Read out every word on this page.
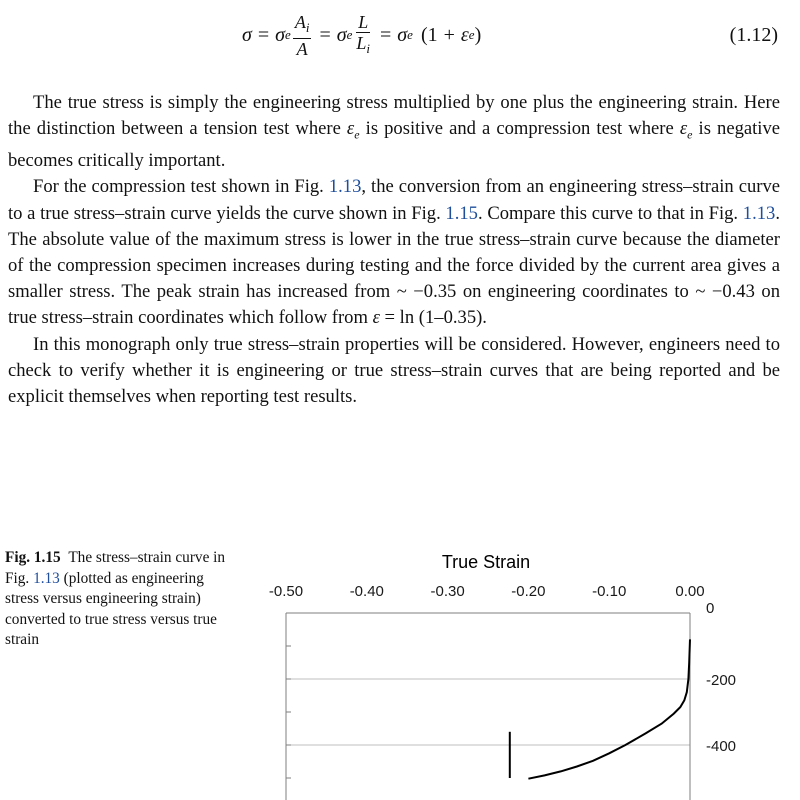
σ = σ e $\frac{A_i}{A} = \sigma$ e $\frac{L}{L_i} = \sigma$ e ( 1 + ε e )	(1.12)

The true stress is simply the engineering stress multiplied by one plus the engineering strain. Here the distinction between a tension test where $\varepsilon_e$ is positive and a compression test where $\varepsilon_e$ is negative becomes critically important.

For the compression test shown in Fig. 1.13, the conversion from an engineering stress–strain curve to a true stress–strain curve yields the curve shown in Fig. 1.15. Compare this curve to that in Fig. 1.13. The absolute value of the maximum stress is lower in the true stress–strain curve because the diameter of the compression specimen increases during testing and the force divided by the current area gives a smaller stress. The peak strain has increased from ~ −0.35 on engineering coordinates to ~ −0.43 on true stress–strain coordinates which follow from ε = ln (1–0.35).

In this monograph only true stress–strain properties will be considered. However, engineers need to check to verify whether it is engineering or true stress–strain curves that are being reported and be explicit themselves when reporting test results.

Fig. 1.15 The stress–strain curve in Fig. 1.13 (plotted as engineering stress versus engineering strain) converted to true stress versus true strain
True Strain
-0.50	-0.40	-0.30	-0.20	-0.10	0.00
0
-200
-400
